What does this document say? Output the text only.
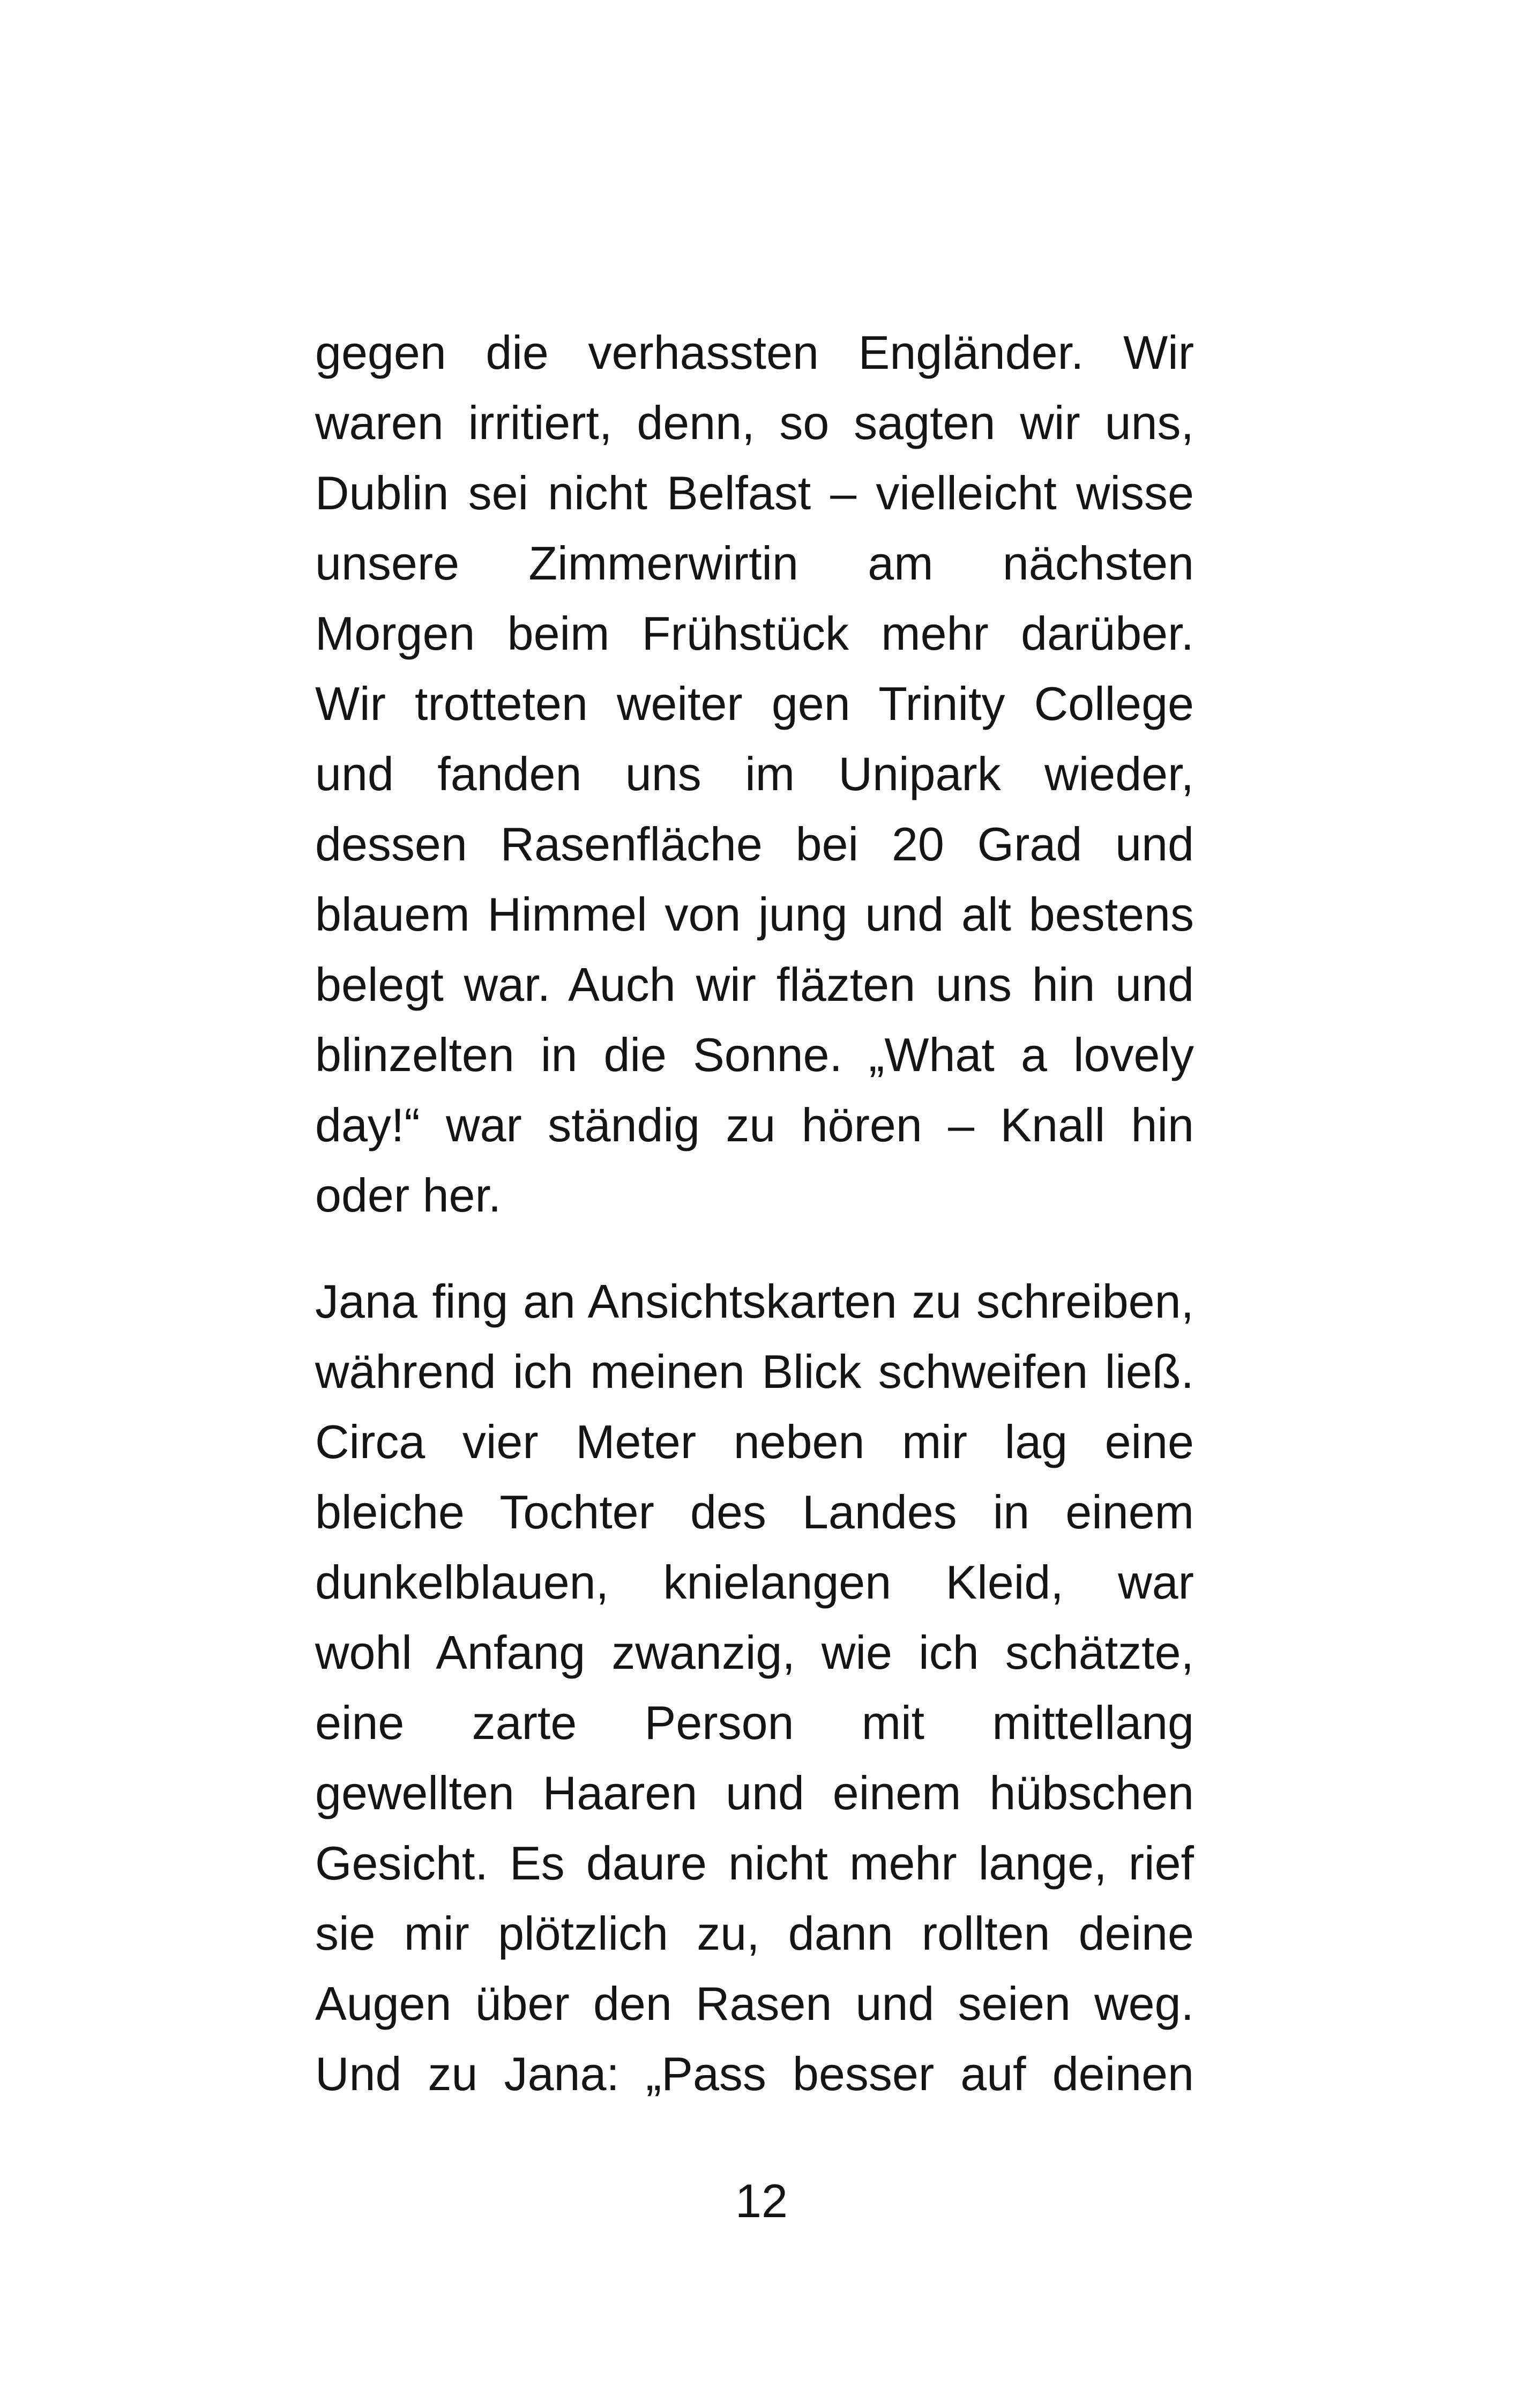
gegen die verhassten Engländer. Wir
waren irritiert, denn, so sagten wir uns,
Dublin sei nicht Belfast – vielleicht wisse
unsere Zimmerwirtin am nächsten
Morgen beim Frühstück mehr darüber.
Wir trotteten weiter gen Trinity College
und fanden uns im Unipark wieder,
dessen Rasenfläche bei 20 Grad und
blauem Himmel von jung und alt bestens
belegt war. Auch wir fläzten uns hin und
blinzelten in die Sonne. „What a lovely
day!“ war ständig zu hören – Knall hin
oder her.
Jana fing an Ansichtskarten zu schreiben,
während ich meinen Blick schweifen ließ.
Circa vier Meter neben mir lag eine
bleiche Tochter des Landes in einem
dunkelblauen, knielangen Kleid, war
wohl Anfang zwanzig, wie ich schätzte,
eine zarte Person mit mittellang
gewellten Haaren und einem hübschen
Gesicht. Es daure nicht mehr lange, rief
sie mir plötzlich zu, dann rollten deine
Augen über den Rasen und seien weg.
Und zu Jana: „Pass besser auf deinen
12
